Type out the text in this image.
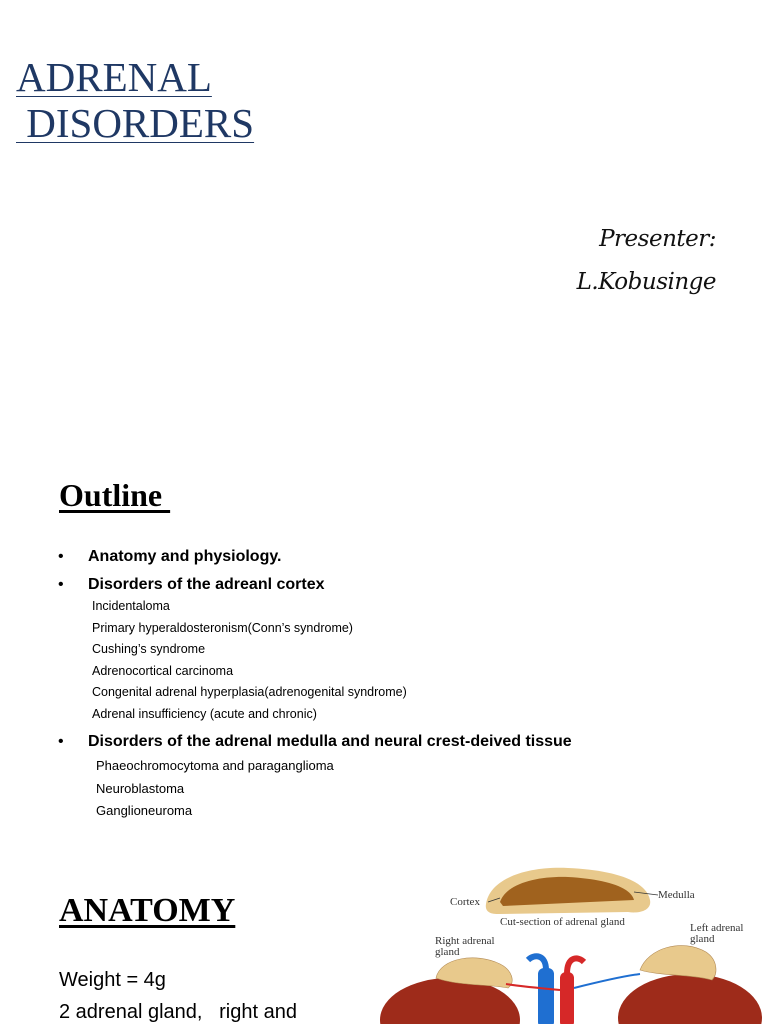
ADRENAL
DISORDERS
Presenter:
L.Kobusinge
Outline
• Anatomy and physiology.
• Disorders of the adreanl cortex
Incidentaloma
Primary hyperaldosteronism(Conn’s syndrome)
Cushing’s syndrome
Adrenocortical carcinoma
Congenital adrenal hyperplasia(adrenogenital syndrome)
Adrenal insufficiency (acute and chronic)
• Disorders of the adrenal medulla and neural crest-deived tissue
Phaeochromocytoma and paraganglioma
Neuroblastoma
Ganglioneuroma
ANATOMY
Weight = 4g
2 adrenal gland,   right and
Cortex
Medulla
Cut-section of adrenal gland
Right adrenal
gland
Left adrenal
gland
